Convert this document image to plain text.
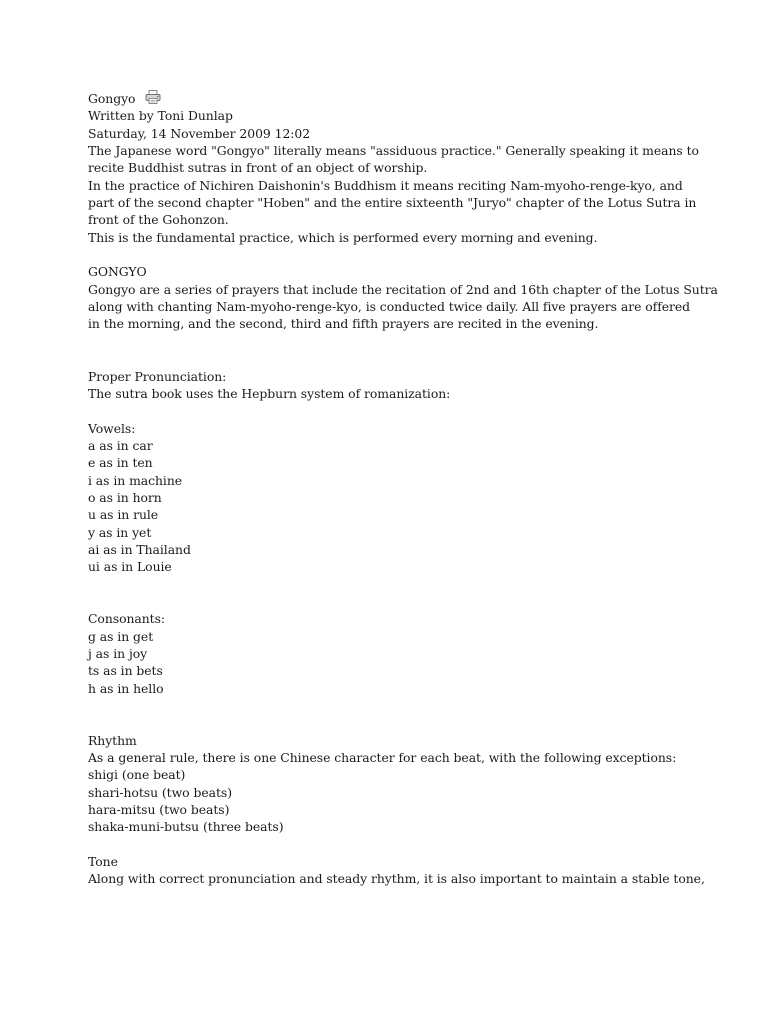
Gongyo
Written by Toni Dunlap
Saturday, 14 November 2009 12:02
The Japanese word "Gongyo" literally means "assiduous practice." Generally speaking it means to
recite Buddhist sutras in front of an object of worship.
In the practice of Nichiren Daishonin's Buddhism it means reciting Nam-myoho-renge-kyo, and
part of the second chapter "Hoben" and the entire sixteenth "Juryo" chapter of the Lotus Sutra in
front of the Gohonzon.
This is the fundamental practice, which is performed every morning and evening.
GONGYO
Gongyo are a series of prayers that include the recitation of 2nd and 16th chapter of the Lotus Sutra
along with chanting Nam-myoho-renge-kyo, is conducted twice daily. All five prayers are offered
in the morning, and the second, third and fifth prayers are recited in the evening.
Proper Pronunciation:
The sutra book uses the Hepburn system of romanization:
Vowels:
a as in car
e as in ten
i as in machine
o as in horn
u as in rule
y as in yet
ai as in Thailand
ui as in Louie
Consonants:
g as in get
j as in joy
ts as in bets
h as in hello
Rhythm
As a general rule, there is one Chinese character for each beat, with the following exceptions:
shigi (one beat)
shari-hotsu (two beats)
hara-mitsu (two beats)
shaka-muni-butsu (three beats)
Tone
Along with correct pronunciation and steady rhythm, it is also important to maintain a stable tone,
